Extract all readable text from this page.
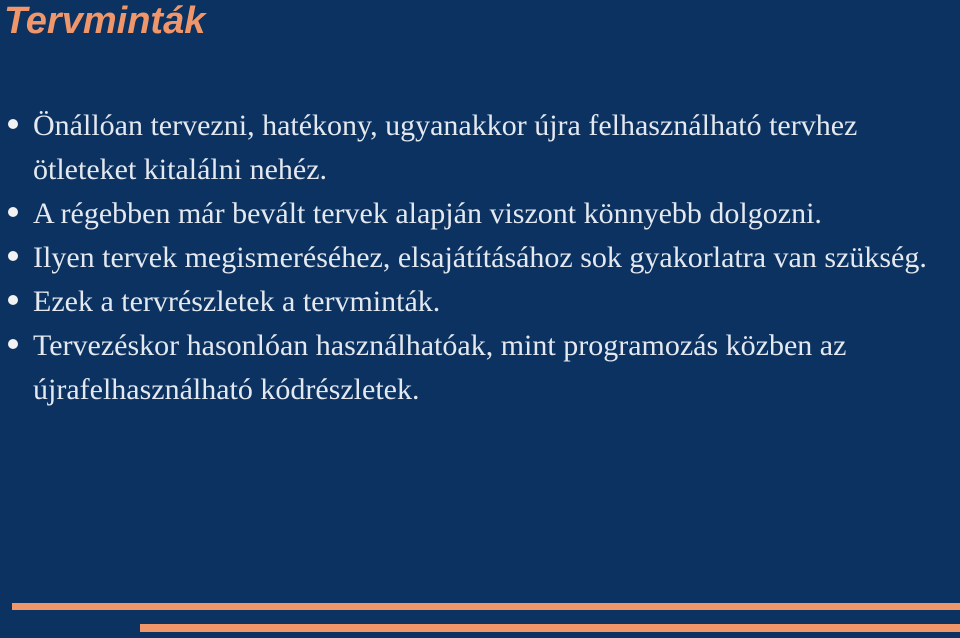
Tervminták
Önállóan tervezni, hatékony, ugyanakkor újra felhasználható tervhez ötleteket kitalálni nehéz.
A régebben már bevált tervek alapján viszont könnyebb dolgozni.
Ilyen tervek megismeréséhez, elsajátításához sok gyakorlatra van szükség.
Ezek a tervrészletek a tervminták.
Tervezéskor hasonlóan használhatóak, mint programozás közben az újrafelhasználható kódrészletek.
